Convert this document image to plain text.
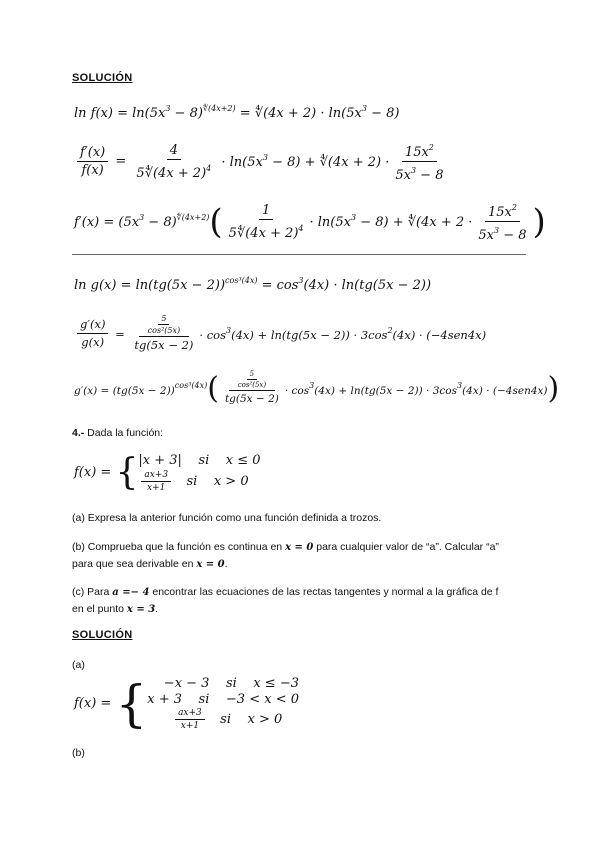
SOLUCIÓN
$\ln f(x) = \ln(5x^3 - 8)^{∜(4x+2)}$ = ∜(4x + $2) \cdot \ln(5x^3 - 8)$
$\frac{f'(x)}{f(x)} = \frac{4}{5∜(4x + 2)^4} \cdot \ln(5x^3 - 8)$ + ∜(4x + $2) \cdot \frac{15x^2}{5x^3 - 8}$
$f'(x) = (5x^3 - 8)^{∜(4x+2)}$ ( $\frac{1}{5∜(4x + 2)^4} \cdot \ln(5x^3 - 8)$ + ∜(4x + $2 \cdot \frac{15x^2}{5x^3 - 8}$ )
$\ln g(x) = \ln(tg(5x - 2))^{cos^3(4x)} = \cos^3(4x) \cdot \ln(tg(5x - 2))$
$\frac{g'(x)}{g(x)} = \frac{\frac{5}{\text{cos²(5x)}}}{tg(5x - 2)} \cdot \cos^3(4x) + \ln(tg(5x - 2)) \cdot 3\cos^2(4x) \cdot (-4sen4x)$
$g'(x) = (tg(5x - 2))^{cos^3(4x)}$ ( $\frac{\frac{5}{\text{cos²(5x)}}}{tg(5x - 2)} \cdot \cos^3(4x) + \ln(tg(5x - 2)) \cdot 3\cos^3(4x) \cdot (-4sen4x)$ )
4.- Dada la función:
f(x) = { |x + 3|    si    x ≤ 0
$\frac{ax+3}{x+1}$ si    x > 0
(a) Expresa la anterior función como una función definida a trozos.
(b) Comprueba que la función es continua en x = 0 para cualquier valor de “a”. Calcular “a”
para que sea derivable en x = 0.
(c) Para a =− 4 encontrar las ecuaciones de las rectas tangentes y normal a la gráfica de f
en el punto x = 3.
SOLUCIÓN
(a)
f(x) = { −x − 3    si    x ≤ −3
x + 3    si    −3 < x < 0

$\frac{ax+3}{x+1}$ si    x > 0
(b)
